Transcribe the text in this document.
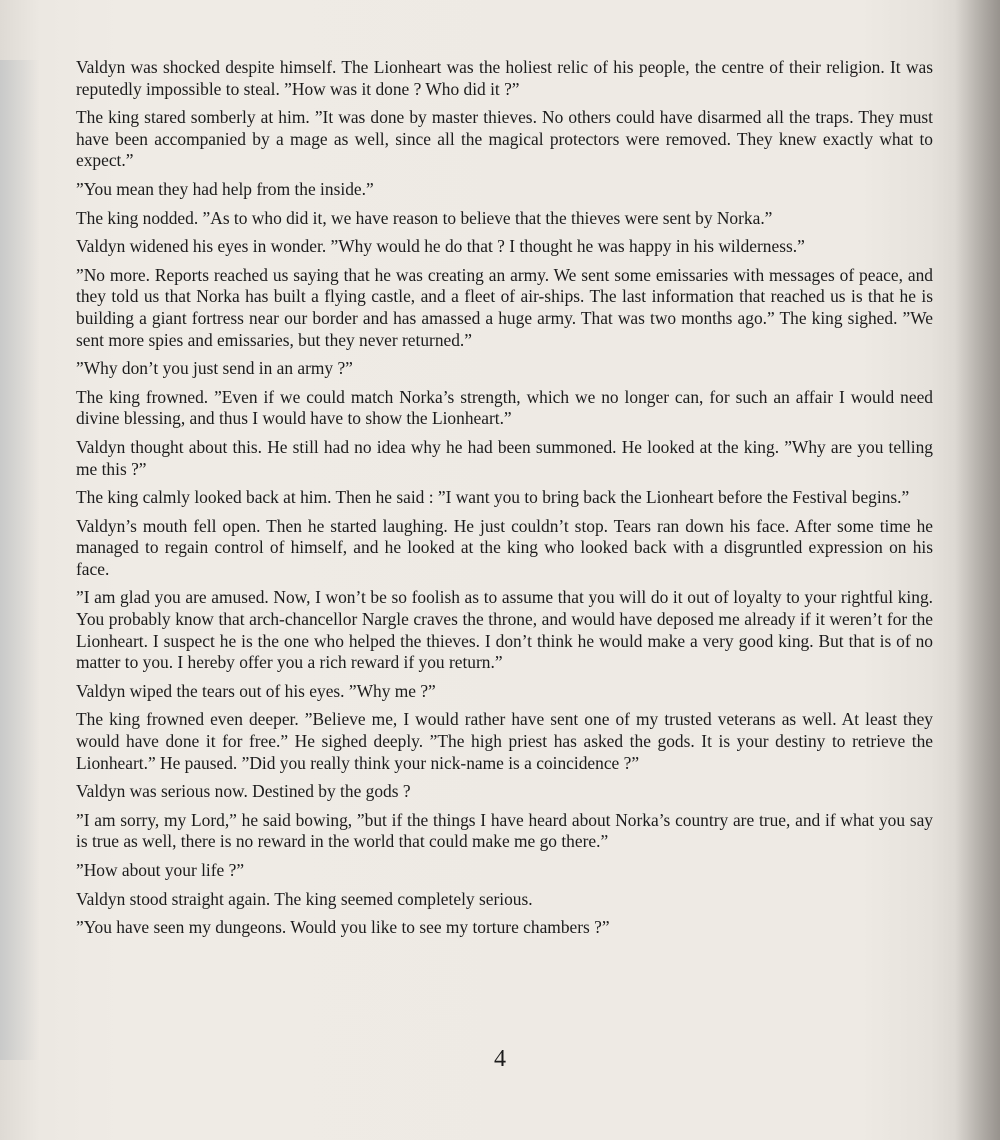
Valdyn was shocked despite himself. The Lionheart was the holiest relic of his people, the centre of their religion. It was reputedly impossible to steal. ”How was it done ? Who did it ?”

The king stared somberly at him. ”It was done by master thieves. No others could have disarmed all the traps. They must have been accompanied by a mage as well, since all the magical protectors were removed. They knew exactly what to expect.”

”You mean they had help from the inside.”

The king nodded. ”As to who did it, we have reason to believe that the thieves were sent by Norka.”

Valdyn widened his eyes in wonder. ”Why would he do that ? I thought he was happy in his wilderness.”

”No more. Reports reached us saying that he was creating an army. We sent some emissaries with messages of peace, and they told us that Norka has built a flying castle, and a fleet of air-ships. The last information that reached us is that he is building a giant fortress near our border and has amassed a huge army. That was two months ago.” The king sighed. ”We sent more spies and emissaries, but they never returned.”

”Why don’t you just send in an army ?”

The king frowned. ”Even if we could match Norka’s strength, which we no longer can, for such an affair I would need divine blessing, and thus I would have to show the Lionheart.”

Valdyn thought about this. He still had no idea why he had been summoned. He looked at the king. ”Why are you telling me this ?”

The king calmly looked back at him. Then he said : ”I want you to bring back the Lionheart before the Festival begins.”

Valdyn’s mouth fell open. Then he started laughing. He just couldn’t stop. Tears ran down his face. After some time he managed to regain control of himself, and he looked at the king who looked back with a disgruntled expression on his face.

”I am glad you are amused. Now, I won’t be so foolish as to assume that you will do it out of loyalty to your rightful king. You probably know that arch-chancellor Nargle craves the throne, and would have deposed me already if it weren’t for the Lionheart. I suspect he is the one who helped the thieves. I don’t think he would make a very good king. But that is of no matter to you. I hereby offer you a rich reward if you return.”

Valdyn wiped the tears out of his eyes. ”Why me ?”

The king frowned even deeper. ”Believe me, I would rather have sent one of my trusted veterans as well. At least they would have done it for free.” He sighed deeply. ”The high priest has asked the gods. It is your destiny to retrieve the Lionheart.” He paused. ”Did you really think your nick-name is a coincidence ?”

Valdyn was serious now. Destined by the gods ?

”I am sorry, my Lord,” he said bowing, ”but if the things I have heard about Norka’s country are true, and if what you say is true as well, there is no reward in the world that could make me go there.”

”How about your life ?”

Valdyn stood straight again. The king seemed completely serious.

”You have seen my dungeons. Would you like to see my torture chambers ?”

4
